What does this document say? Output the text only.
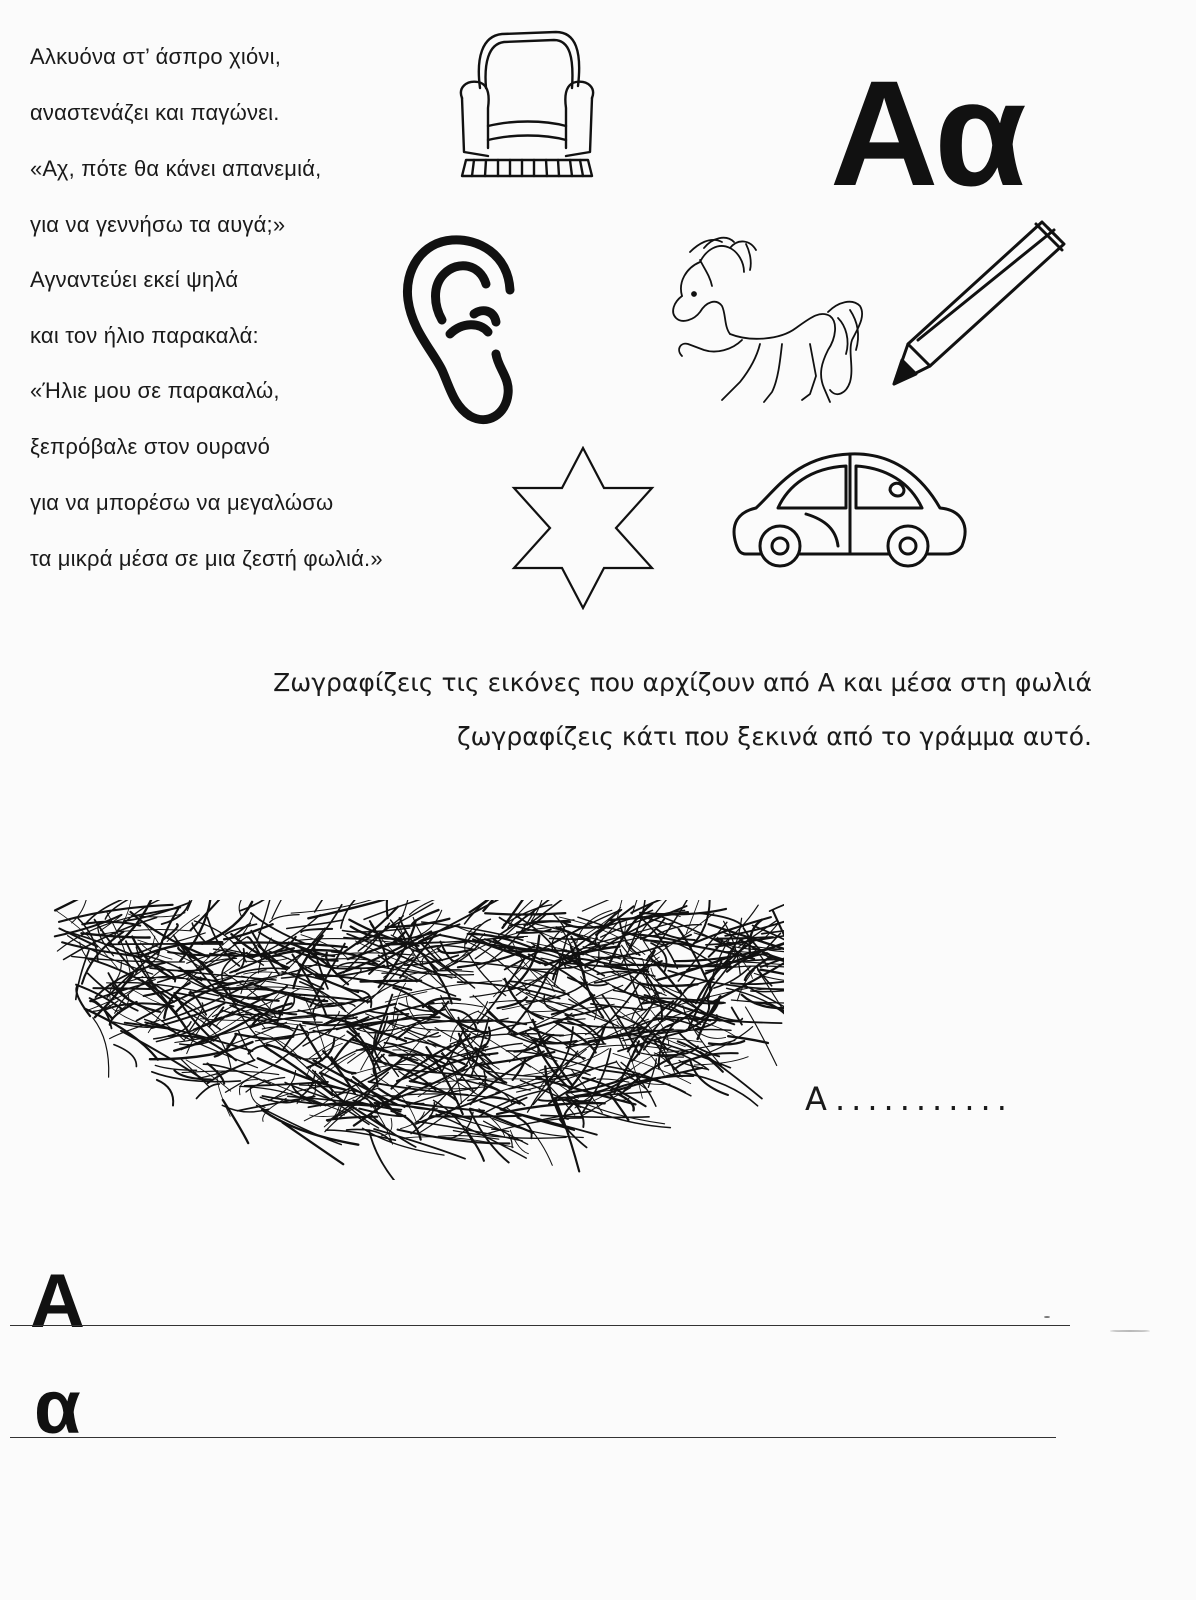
Αλκυόνα στ’ άσπρο χιόνι,
αναστενάζει και παγώνει.
«Αχ, πότε θα κάνει απανεμιά,
για να γεννήσω τα αυγά;»
Αγναντεύει εκεί ψηλά
και τον ήλιο παρακαλά:
«Ήλιε μου σε παρακαλώ,
ξεπρόβαλε στον ουρανό
για να μπορέσω να μεγαλώσω
τα μικρά μέσα σε μια ζεστή φωλιά.»
Αα
Ζωγραφίζεις τις εικόνες που αρχίζουν από Α και μέσα στη φωλιά
ζωγραφίζεις κάτι που ξεκινά από το γράμμα αυτό.
Α ...........
Α
α
